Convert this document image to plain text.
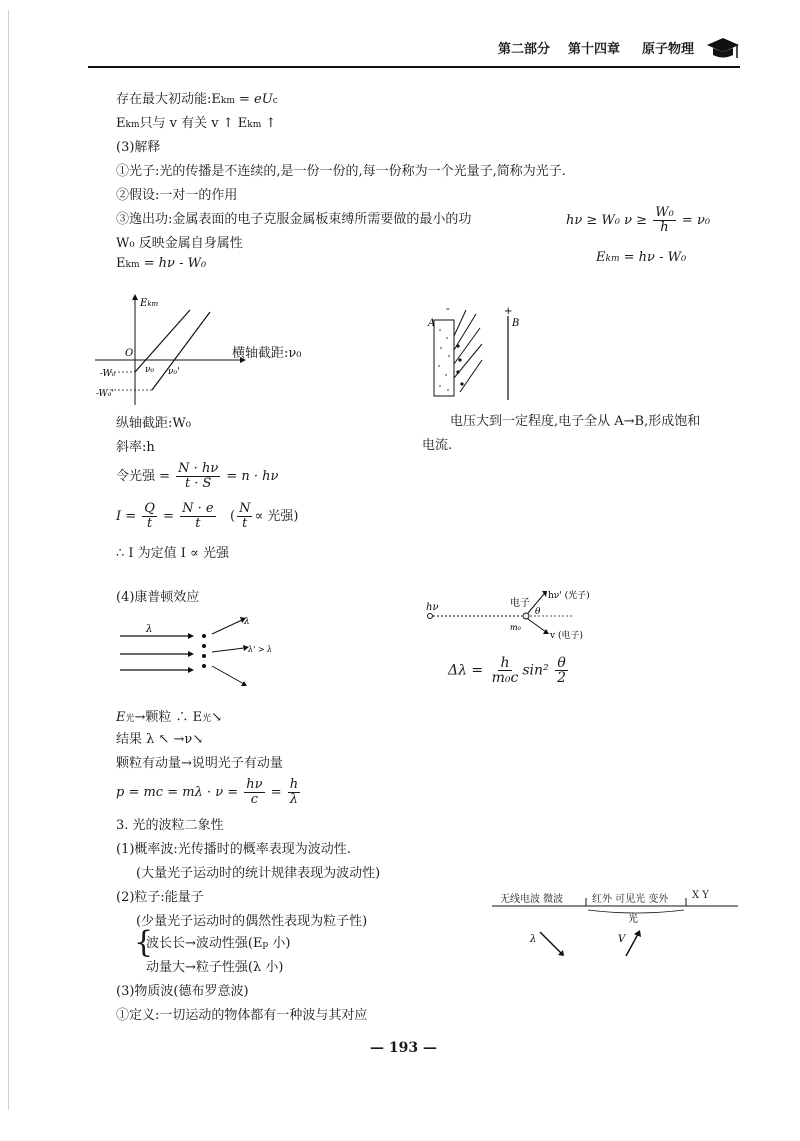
第二部分 第十四章 原子物理
存在最大初动能:Ekm = eUc
Ekm只与 v 有关 v ↑ Ekm ↑
(3)解释
①光子:光的传播是不连续的,是一份一份的,每一份称为一个光量子,简称为光子.
②假设:一对一的作用
③逸出功:金属表面的电子克服金属板束缚所需要做的最小的功
W₀ 反映金属自身属性
Ekm = hν - W₀
hν ≥ W₀ $\nu \ge \frac{\text{W₀}}{h} = \nu_0$
Ekm = hν - W₀
Ekm
O
-W₀
-W₀'
ν₀ ν₀'
横轴截距:ν₀
A	B
-	+
电压大到一定程度,电子全从 A→B,形成饱和
电流.
纵轴截距:W₀
斜率:h
令光强 = $\frac{N \cdot h\nu}{t \cdot S} = n \cdot h\nu$
$I = \frac{Q}{t} = \frac{N \cdot e}{t}$ ( $\frac{N}{t}$ ∝ 光强)
∴ I 为定值 I ∝ 光强
(4)康普顿效应
λ
λ
λ' > λ
E光→颗粒 ∴ E光↘
结果 λ ↖ →ν↘
颗粒有动量→说明光子有动量
p = mc = $m\lambda \cdot \nu = \frac{h\nu}{c} = \frac{h}{\lambda}$
hν	电子
m₀
θ
hν' (光子)
v (电子)
$\Delta\lambda = \frac{h}{\text{m₀c}} \sin^2 \frac{\theta}{2}$
3. 光的波粒二象性
(1)概率波:光传播时的概率表现为波动性.
(大量光子运动时的统计规律表现为波动性)
(2)粒子:能量子
(少量光子运动时的偶然性表现为粒子性)
{
波长长→波动性强(Ep 小)
动量大→粒子性强(λ 小)
(3)物质波(德布罗意波)
①定义:一切运动的物体都有一种波与其对应
无线电波 微波	红外 可见光 变外 X Y
光
λ	V
— 193 —
